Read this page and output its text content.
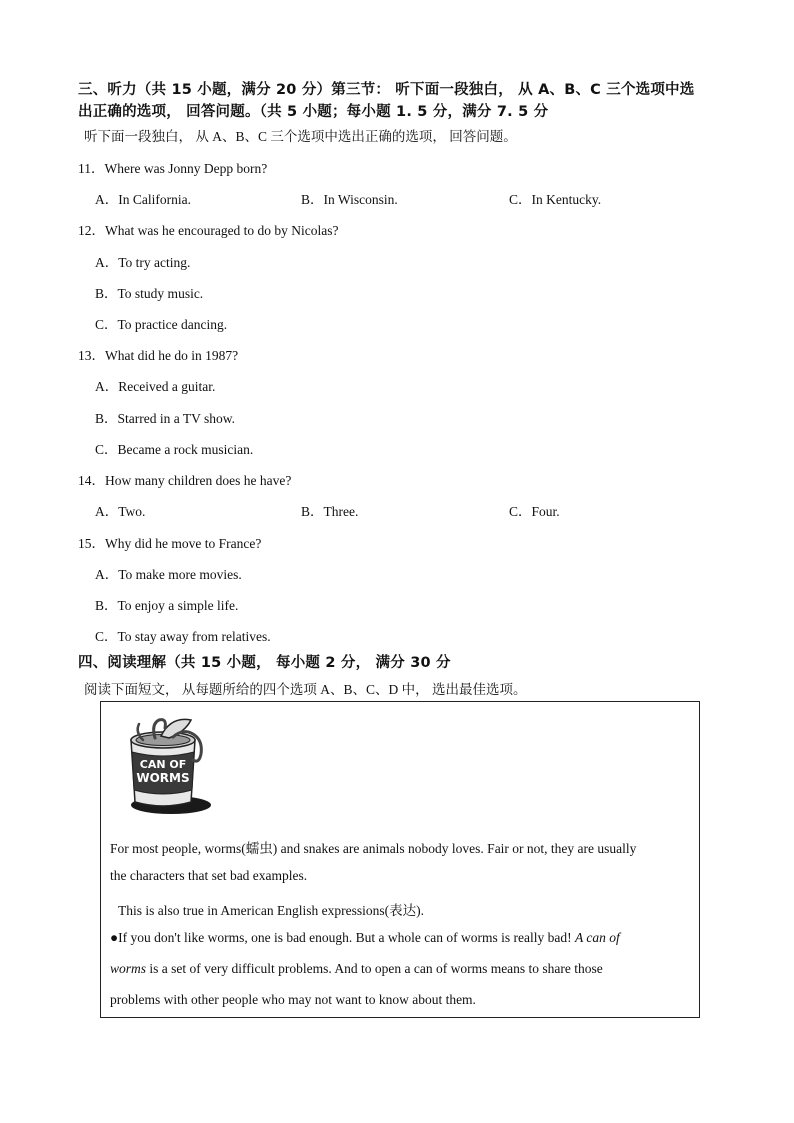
三、听力（共 15 小题，满分 20 分）第三节： 听下面一段独白， 从 A、B、C 三个选项中选
出正确的选项， 回答问题。（共 5 小题；每小题 1. 5 分，满分 7. 5 分
听下面一段独白， 从 A、B、C 三个选项中选出正确的选项， 回答问题。
11．Where was Jonny Depp born?
A．In California.	B．In Wisconsin.	C．In Kentucky.
12．What was he encouraged to do by Nicolas?
A．To try acting.
B．To study music.
C．To practice dancing.
13．What did he do in 1987?
A．Received a guitar.
B．Starred in a TV show.
C．Became a rock musician.
14．How many children does he have?
A．Two.	B．Three.	C．Four.
15．Why did he move to France?
A．To make more movies.
B．To enjoy a simple life.
C．To stay away from relatives.
四、阅读理解（共 15 小题， 每小题 2 分， 满分 30 分
阅读下面短文， 从每题所给的四个选项 A、B、C、D 中， 选出最佳选项。
CAN OF
WORMS
For most people, worms(蠕虫) and snakes are animals nobody loves. Fair or not, they are usually
the characters that set bad examples.
This is also true in American English expressions(表达).
●If you don't like worms, one is bad enough. But a whole can of worms is really bad! A can of
worms is a set of very difficult problems. And to open a can of worms means to share those
problems with other people who may not want to know about them.
